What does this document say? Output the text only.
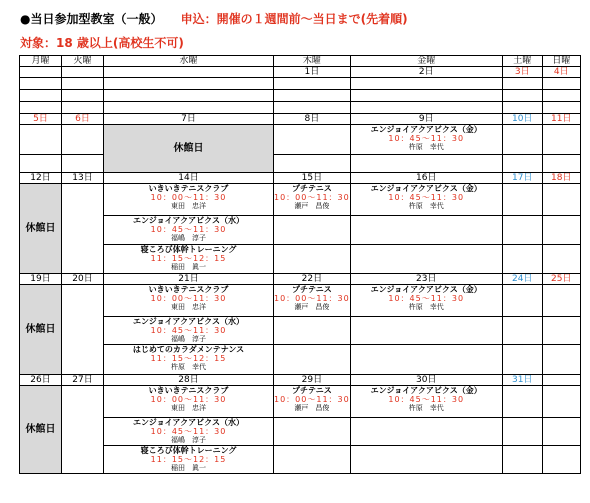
●当日参加型教室（一般） 申込：開催の１週間前〜当日まで(先着順)
対象：18 歳以上(高校生不可)
月曜	火曜	水曜	木曜	金曜	土曜	日曜
			1日	2日	3日	4日

5日	6日	7日	8日	9日	10日	11日
		休館日		エンジョイアクアビクス（金）
10：45〜11：30
杵原　幸代		

12日	13日	14日	15日	16日	17日	18日
休館日		いきいきテニスクラブ
10：00〜11：30
東田　忠洋	プチテニス
10：00〜11：30
瀬戸　昌俊	エンジョイアクアビクス（金）
10：45〜11：30
杵原　幸代		

		エンジョイアクアビクス（水）
10：45〜11：30
福嶋　淳子				

		寝ころび体幹トレーニング
11：15〜12：15
稲田　眞一				

19日	20日	21日	22日	23日	24日	25日
休館日		いきいきテニスクラブ
10：00〜11：30
東田　忠洋	プチテニス
10：00〜11：30
瀬戸　昌俊	エンジョイアクアビクス（金）
10：45〜11：30
杵原　幸代		

		エンジョイアクアビクス（水）
10：45〜11：30
福嶋　淳子				

		はじめてのカラダメンテナンス
11：15〜12：15
杵原　幸代				

26日	27日	28日	29日	30日	31日	
休館日		いきいきテニスクラブ
10：00〜11：30
東田　忠洋	プチテニス
10：00〜11：30
瀬戸　昌俊	エンジョイアクアビクス（金）
10：45〜11：30
杵原　幸代		

		エンジョイアクアビクス（水）
10：45〜11：30
福嶋　淳子				

		寝ころび体幹トレーニング
11：15〜12：15
稲田　眞一				
